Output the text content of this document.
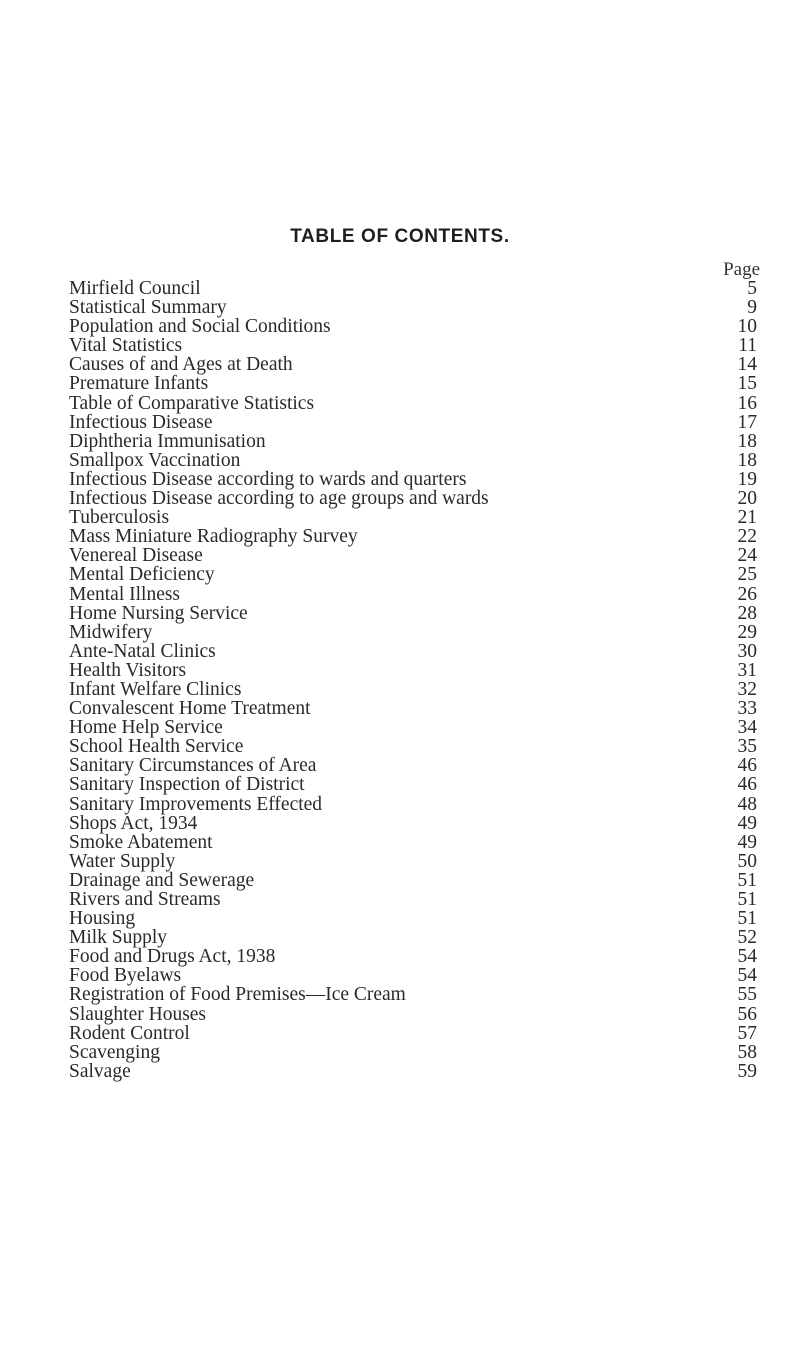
TABLE OF CONTENTS.
Page
Mirfield Council	5
Statistical Summary	9
Population and Social Conditions	10
Vital Statistics	11
Causes of and Ages at Death	14
Premature Infants	15
Table of Comparative Statistics	16
Infectious Disease	17
Diphtheria Immunisation	18
Smallpox Vaccination	18
Infectious Disease according to wards and quarters	19
Infectious Disease according to age groups and wards	20
Tuberculosis	21
Mass Miniature Radiography Survey	22
Venereal Disease	24
Mental Deficiency	25
Mental Illness	26
Home Nursing Service	28
Midwifery	29
Ante-Natal Clinics	30
Health Visitors	31
Infant Welfare Clinics	32
Convalescent Home Treatment	33
Home Help Service	34
School Health Service	35
Sanitary Circumstances of Area	46
Sanitary Inspection of District	46
Sanitary Improvements Effected	48
Shops Act, 1934	49
Smoke Abatement	49
Water Supply	50
Drainage and Sewerage	51
Rivers and Streams	51
Housing	51
Milk Supply	52
Food and Drugs Act, 1938	54
Food Byelaws	54
Registration of Food Premises—Ice Cream	55
Slaughter Houses	56
Rodent Control	57
Scavenging	58
Salvage	59
